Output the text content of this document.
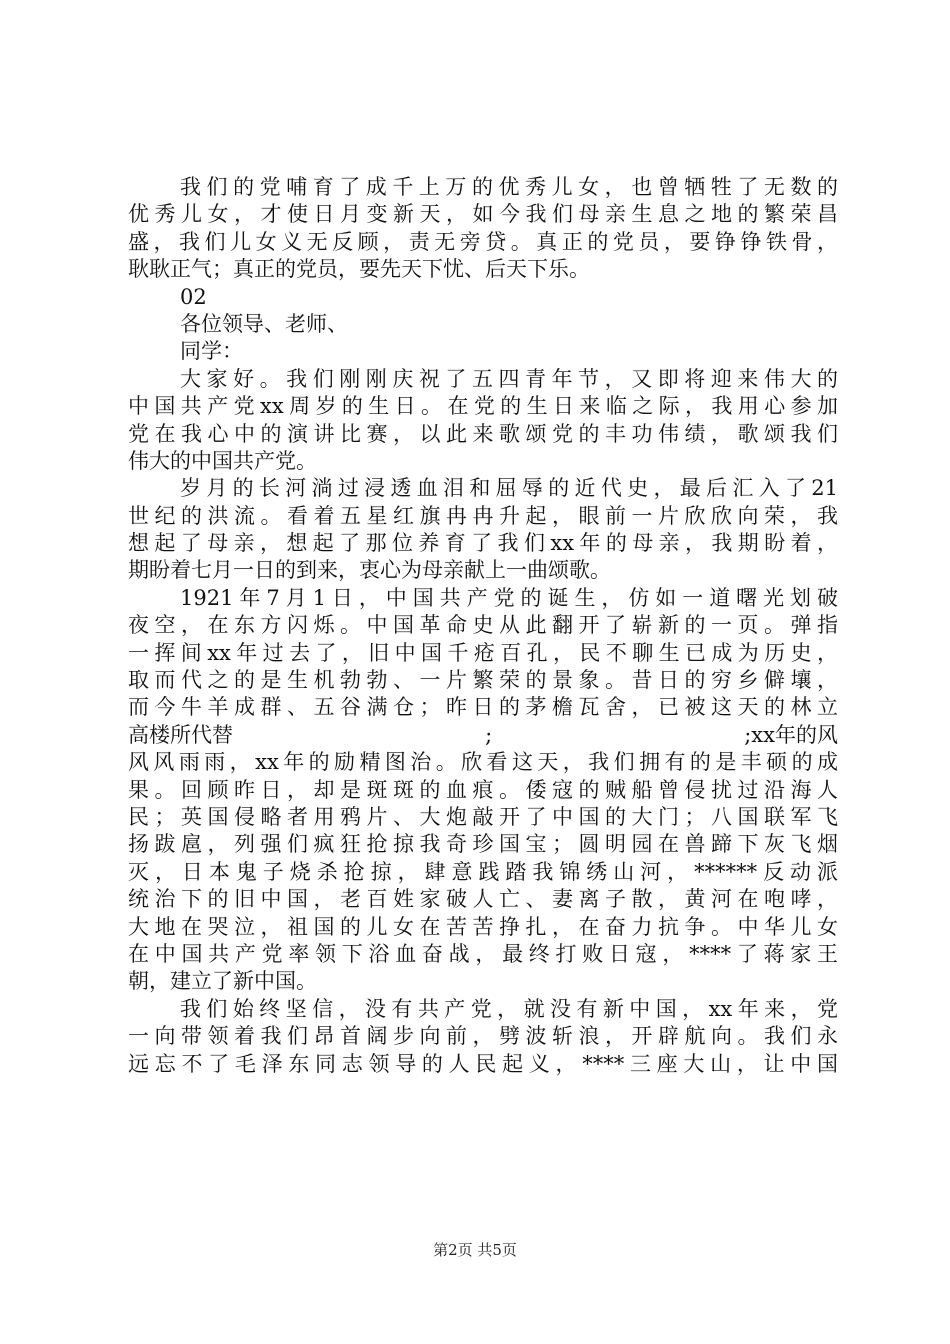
我们的党哺育了成千上万的优秀儿女，也曾牺牲了无数的
优秀儿女，才使日月变新天，如今我们母亲生息之地的繁荣昌
盛，我们儿女义无反顾，责无旁贷。真正的党员，要铮铮铁骨，
耿耿正气；真正的党员，要先天下忧、后天下乐。
02
各位领导、老师、
同学：
大家好。我们刚刚庆祝了五四青年节，又即将迎来伟大的
中国共产党xx周岁的生日。在党的生日来临之际，我用心参加
党在我心中的演讲比赛，以此来歌颂党的丰功伟绩，歌颂我们
伟大的中国共产党。
岁月的长河淌过浸透血泪和屈辱的近代史，最后汇入了21
世纪的洪流。看着五星红旗冉冉升起，眼前一片欣欣向荣，我
想起了母亲，想起了那位养育了我们xx年的母亲，我期盼着，
期盼着七月一日的到来，衷心为母亲献上一曲颂歌。
1921年7月1日，中国共产党的诞生，仿如一道曙光划破
夜空，在东方闪烁。中国革命史从此翻开了崭新的一页。弹指
一挥间xx年过去了，旧中国千疮百孔，民不聊生已成为历史，
取而代之的是生机勃勃、一片繁荣的景象。昔日的穷乡僻壤，
而今牛羊成群、五谷满仓；昨日的茅檐瓦舍，已被这天的林立
高楼所代替	;	;xx年的风
风风雨雨，xx年的励精图治。欣看这天，我们拥有的是丰硕的成
果。回顾昨日，却是斑斑的血痕。倭寇的贼船曾侵扰过沿海人
民；英国侵略者用鸦片、大炮敲开了中国的大门；八国联军飞
扬跋扈，列强们疯狂抢掠我奇珍国宝；圆明园在兽蹄下灰飞烟
灭，日本鬼子烧杀抢掠，肆意践踏我锦绣山河，******反动派
统治下的旧中国，老百姓家破人亡、妻离子散，黄河在咆哮，
大地在哭泣，祖国的儿女在苦苦挣扎，在奋力抗争。中华儿女
在中国共产党率领下浴血奋战，最终打败日寇，****了蒋家王
朝，建立了新中国。
我们始终坚信，没有共产党，就没有新中国，xx年来，党
一向带领着我们昂首阔步向前，劈波斩浪，开辟航向。我们永
远忘不了毛泽东同志领导的人民起义，****三座大山，让中国
第2页 共5页
